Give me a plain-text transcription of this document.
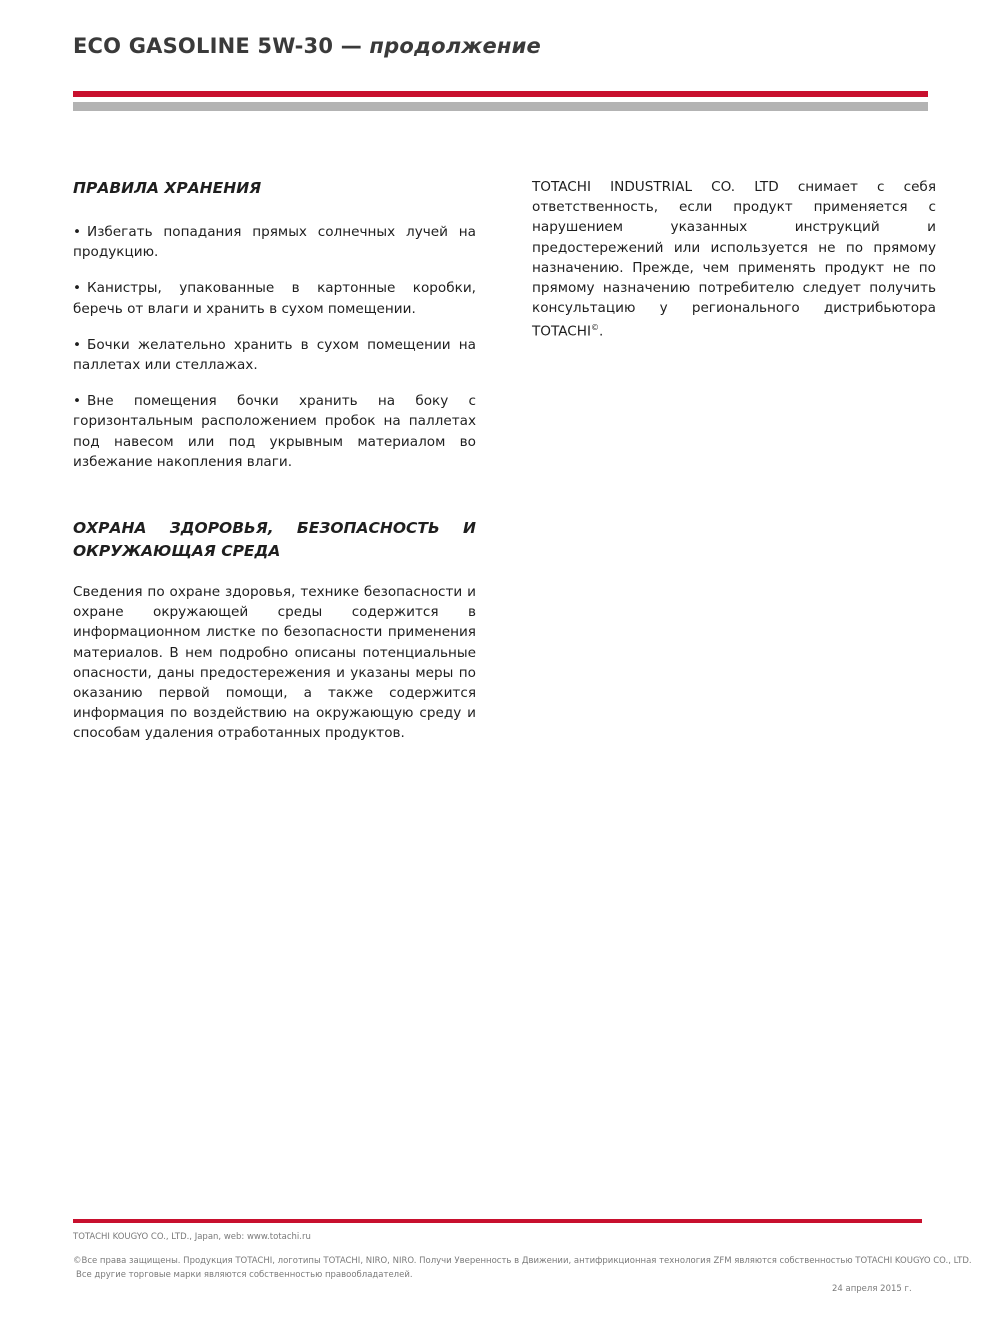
ECO GASOLINE 5W-30 — продолжение
ПРАВИЛА ХРАНЕНИЯ

• Избегать попадания прямых солнечных лучей на продукцию.

• Канистры, упакованные в картонные коробки, беречь от влаги и хранить в сухом помещении.

• Бочки желательно хранить в сухом помещении на паллетах или стеллажах.

• Вне помещения бочки хранить на боку с горизонтальным расположением пробок на паллетах под навесом или под укрывным материалом во избежание накопления влаги.

ОХРАНА ЗДОРОВЬЯ, БЕЗОПАСНОСТЬ И ОКРУЖАЮЩАЯ СРЕДА

Сведения по охране здоровья, технике безопасности и охране окружающей среды содержится в информационном листке по безопасности применения материалов. В нем подробно описаны потенциальные опасности, даны предостережения и указаны меры по оказанию первой помощи, а также содержится информация по воздействию на окружающую среду и способам удаления отработанных продуктов.

TOTACHI INDUSTRIAL CO. LTD снимает с себя ответственность, если продукт применяется с нарушением указанных инструкций и предостережений или используется не по прямому назначению. Прежде, чем применять продукт не по прямому назначению потребителю следует получить консультацию у регионального дистрибьютора TOTACHI©.

TOTACHI KOUGYO CO., LTD., Japan, web: www.totachi.ru
©Все права защищены. Продукция TOTACHI, логотипы TOTACHI, NIRO, NIRO. Получи Уверенность в Движении, антифрикционная технология ZFM являются собственностью TOTACHI KOUGYO CO., LTD.
Все другие торговые марки являются собственностью правообладателей.
24 апреля 2015 г.
